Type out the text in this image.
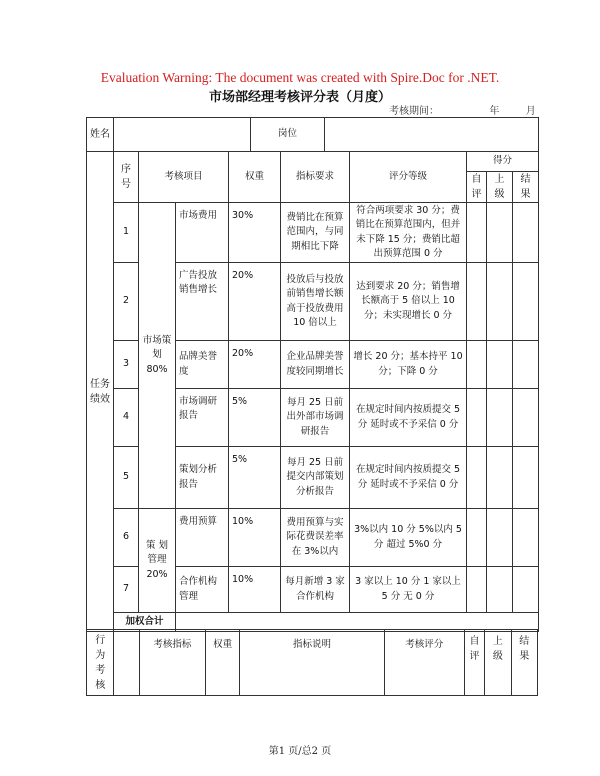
Evaluation Warning: The document was created with Spire.Doc for .NET.
市场部经理考核评分表（月度）
考核期间：	年	月
姓名					岗位						
任务绩效	序号	考核项目		权重		指标要求		评分等级	得分		
									自评	上级	结果
	1	市场策划80%	市场费用	30%		费销比在预算范围内，与同期相比下降		符合两项要求 30 分；费销比在预算范围内，但并未下降 15 分；费销比超出预算范围 0 分			
	2		广告投放销售增长	20%		投放后与投放前销售增长额高于投放费用 10 倍以上		达到要求 20 分；销售增长额高于 5 倍以上 10 分；未实现增长 0 分			
	3		品牌美誉度	20%		企业品牌美誉度较同期增长		增长 20 分；基本持平 10 分；下降 0 分			
	4		市场调研报告	5%		每月 25 日前出外部市场调研报告		在规定时间内按质提交 5 分 延时或不予采信 0 分			
	5		策划分析报告	5%		每月 25 日前提交内部策划分析报告		在规定时间内按质提交 5 分 延时或不予采信 0 分			
	6	策 划管理 20%	费用预算	10%		费用预算与实际花费误差率在 3%以内		3%以内 10 分 5%以内 5 分 超过 5%0 分			
	7		合作机构管理	10%		每月新增 3 家合作机构		3 家以上 10 分 1 家以上 5 分 无 0 分			
	加权合计										
行为考核		考核指标	权重	指标说明	考核评分	自评	上级	结果
第1 页/总2 页
